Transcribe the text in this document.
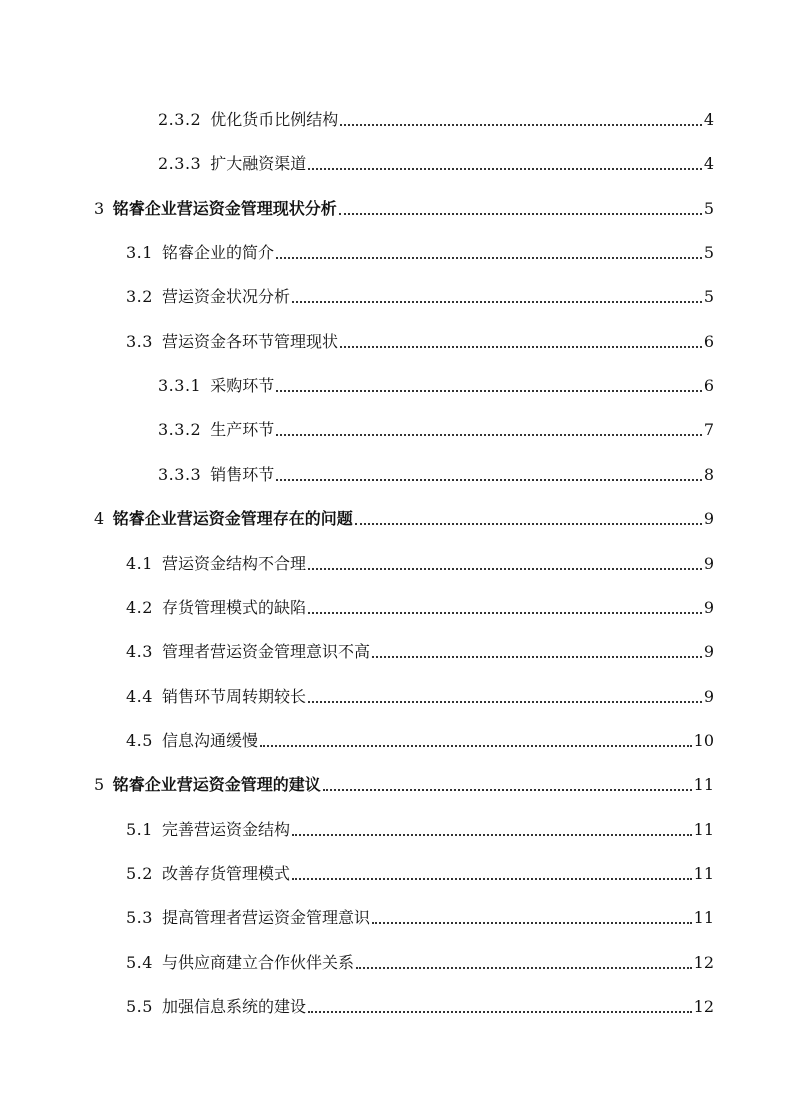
2.3.2 优化货币比例结构	4
2.3.3 扩大融资渠道	4
3 铭睿企业营运资金管理现状分析	5
3.1 铭睿企业的简介	5
3.2 营运资金状况分析	5
3.3 营运资金各环节管理现状	6
3.3.1 采购环节	6
3.3.2 生产环节	7
3.3.3 销售环节	8
4 铭睿企业营运资金管理存在的问题	9
4.1 营运资金结构不合理	9
4.2 存货管理模式的缺陷	9
4.3 管理者营运资金管理意识不高	9
4.4 销售环节周转期较长	9
4.5 信息沟通缓慢	10
5 铭睿企业营运资金管理的建议	11
5.1 完善营运资金结构	11
5.2 改善存货管理模式	11
5.3 提高管理者营运资金管理意识	11
5.4 与供应商建立合作伙伴关系	12
5.5 加强信息系统的建设	12
